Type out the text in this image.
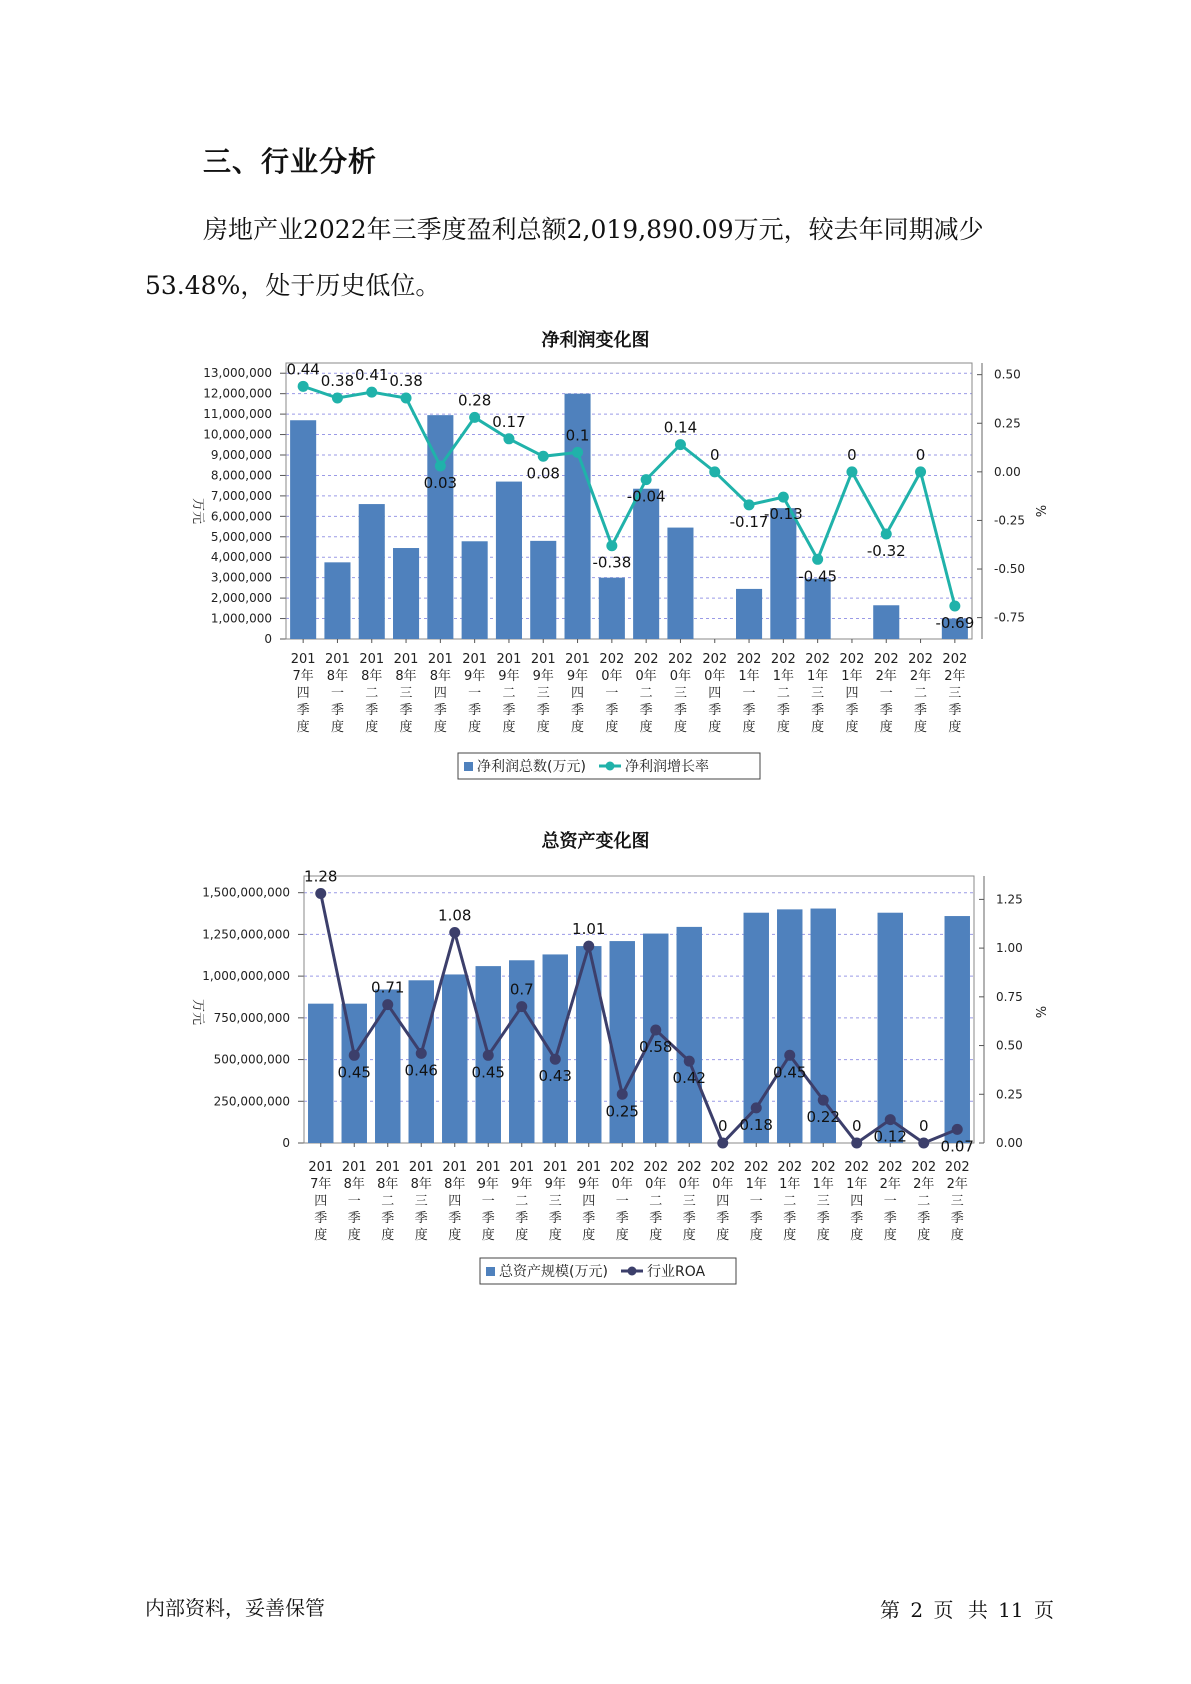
三、行业分析

房地产业2022年三季度盈利总额2,019,890.09万元，较去年同期减少53.48%，处于历史低位。

净利润变化图
13,000,000
12,000,000
11,000,000
10,000,000
9,000,000
8,000,000
7,000,000
6,000,000
5,000,000
4,000,000
3,000,000
2,000,000
1,000,000
0
0.50
0.25
0.00
-0.25
-0.50
-0.75
万元	%
201
7年
四
季
度
201
8年
一
季
度
201
8年
二
季
度
201
8年
三
季
度
201
8年
四
季
度
201
9年
一
季
度
201
9年
二
季
度
201
9年
三
季
度
201
9年
四
季
度
202
0年
一
季
度
202
0年
二
季
度
202
0年
三
季
度
202
0年
四
季
度
202
1年
一
季
度
202
1年
二
季
度
202
1年
三
季
度
202
1年
四
季
度
202
2年
一
季
度
202
2年
二
季
度
202
2年
三
季
度
0.44
0.38 0.41 0.38
0.03
0.28
0.17
0.08
0.1
-0.38
-0.04
0.14
0
-0.17
-0.13
-0.45
0
-0.32
0
-0.69
净利润总数(万元)	净利润增长率
总资产变化图
1,500,000,000
1,250,000,000
1,000,000,000
750,000,000
500,000,000
250,000,000
0
1.25
1.00
0.75
0.50
0.25
0.00
万元	%
201
7年
四
季
度
201
8年
一
季
度
201
8年
二
季
度
201
8年
三
季
度
201
8年
四
季
度
201
9年
一
季
度
201
9年
二
季
度
201
9年
三
季
度
201
9年
四
季
度
202
0年
一
季
度
202
0年
二
季
度
202
0年
三
季
度
202
0年
四
季
度
202
1年
一
季
度
202
1年
二
季
度
202
1年
三
季
度
202
1年
四
季
度
202
2年
一
季
度
202
2年
二
季
度
202
2年
三
季
度
1.28
0.45
0.71
0.46
1.08
0.45
0.7
0.43
1.01
0.25
0.58
0.42
0 0.18
0.45
0.22 0
0.12
0
0.07
总资产规模(万元)	行业ROA
内部资料，妥善保管	第 2 页 共 11 页
